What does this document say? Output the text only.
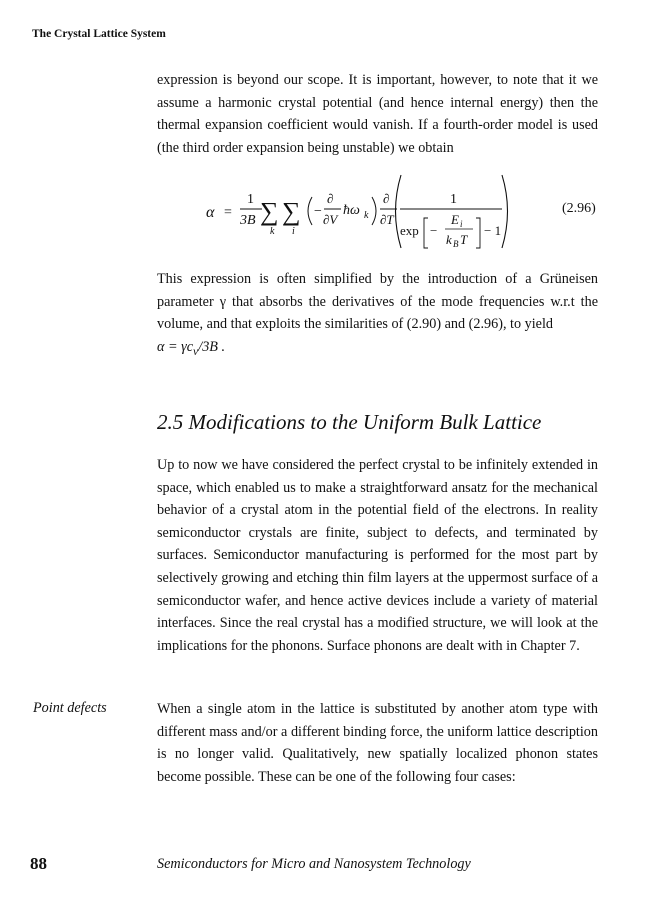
The Crystal Lattice System

expression is beyond our scope. It is important, however, to note that it we assume a harmonic crystal potential (and hence internal energy) then the thermal expansion coefficient would vanish. If a fourth-order model is used (the third order expansion being unstable) we obtain

α =
1
3B ∑
k
∑
i
−
∂
∂V
ħω k
∂
∂T
1
exp −
E i
k B T
− 1
(2.96)

This expression is often simplified by the introduction of a Grüneisen parameter γ that absorbs the derivatives of the mode frequencies w.r.t the volume, and that exploits the similarities of (2.90) and (2.96), to yield
$\alpha = \gamma c_v/3B$ .

2.5 Modifications to the Uniform Bulk Lattice

Up to now we have considered the perfect crystal to be infinitely extended in space, which enabled us to make a straightforward ansatz for the mechanical behavior of a crystal atom in the potential field of the electrons. In reality semiconductor crystals are finite, subject to defects, and terminated by surfaces. Semiconductor manufacturing is performed for the most part by selectively growing and etching thin film layers at the uppermost surface of a semiconductor wafer, and hence active devices include a variety of material interfaces. Since the real crystal has a modified structure, we will look at the implications for the phonons. Surface phonons are dealt with in Chapter 7.

Point defects	When a single atom in the lattice is substituted by another atom type with different mass and/or a different binding force, the uniform lattice description is no longer valid. Qualitatively, new spatially localized phonon states become possible. These can be one of the following four cases:

88	Semiconductors for Micro and Nanosystem Technology
